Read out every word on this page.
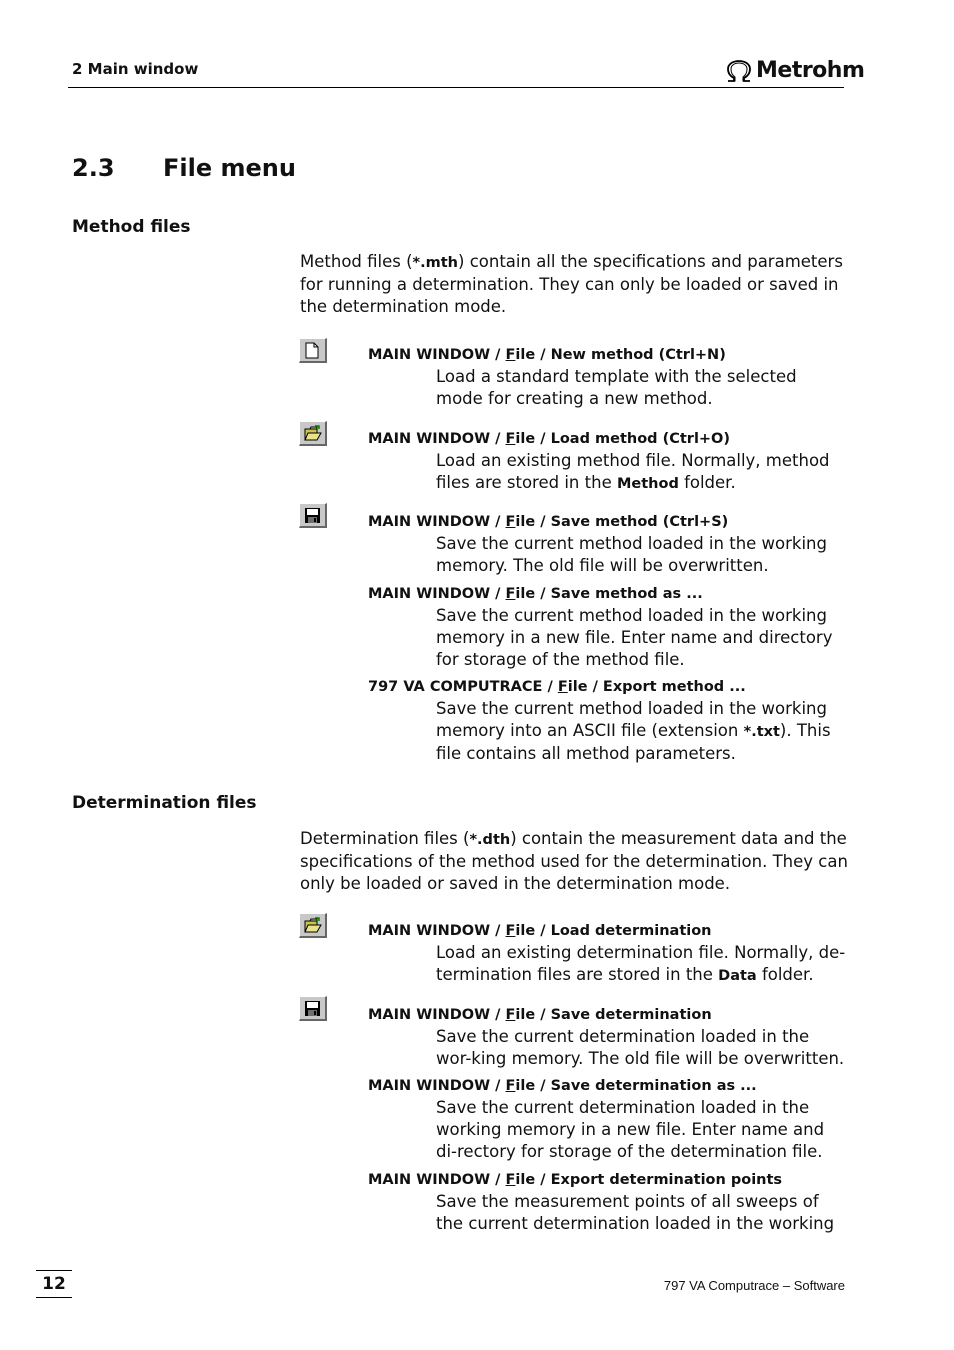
2 Main window	Metrohm
2.3 File menu
Method files
Method files (*.mth) contain all the specifications and parameters for running a determination. They can only be loaded or saved in the determination mode.
MAIN WINDOW / File / New method (Ctrl+N)
Load a standard template with the selected mode for creating a new method.
MAIN WINDOW / File / Load method (Ctrl+O)
Load an existing method file. Normally, method files are stored in the Method folder.
MAIN WINDOW / File / Save method (Ctrl+S)
Save the current method loaded in the working memory. The old file will be overwritten.
MAIN WINDOW / File / Save method as ...
Save the current method loaded in the working memory in a new file. Enter name and directory for storage of the method file.
797 VA COMPUTRACE / File / Export method ...
Save the current method loaded in the working memory into an ASCII file (extension *.txt). This file contains all method parameters.
Determination files
Determination files (*.dth) contain the measurement data and the specifications of the method used for the determination. They can only be loaded or saved in the determination mode.
MAIN WINDOW / File / Load determination
Load an existing determination file. Normally, de-termination files are stored in the Data folder.
MAIN WINDOW / File / Save determination
Save the current determination loaded in the wor-king memory. The old file will be overwritten.
MAIN WINDOW / File / Save determination as ...
Save the current determination loaded in the working memory in a new file. Enter name and di-rectory for storage of the determination file.
MAIN WINDOW / File / Export determination points
Save the measurement points of all sweeps of the current determination loaded in the working
12	797 VA Computrace – Software
